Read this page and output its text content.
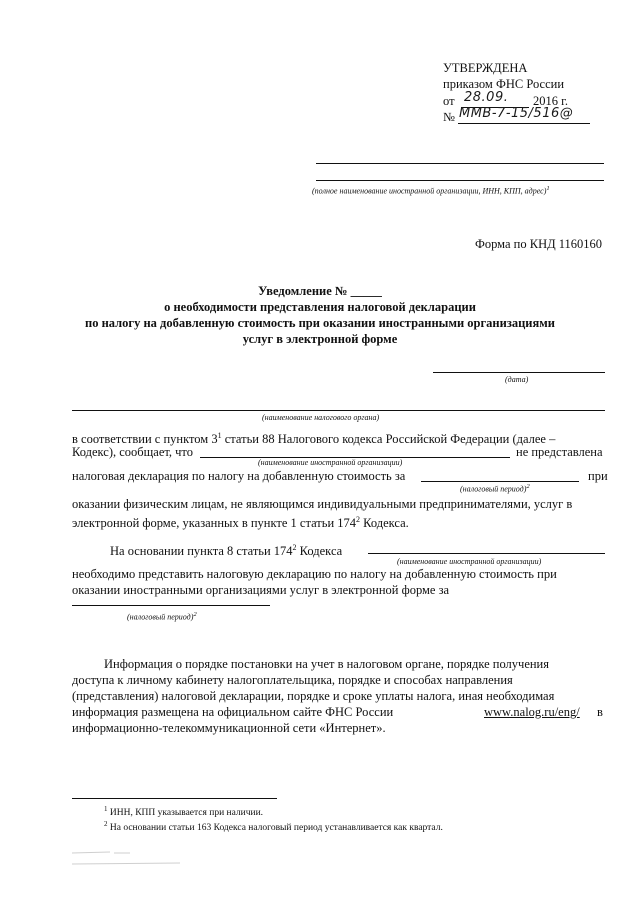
УТВЕРЖДЕНА
приказом ФНС России
от 28.09. 2016 г.
№ ММВ-7-15/516@
(полное наименование иностранной организации, ИНН, КПП, адрес)$^1$
Форма по КНД 1160160
Уведомление № _____
о необходимости представления налоговой декларации
по налогу на добавленную стоимость при оказании иностранными организациями
услуг в электронной форме
(дата)
(наименование налогового органа)
в соответствии с пунктом $3^1$ статьи 88 Налогового кодекса Российской Федерации (далее –
Кодекс), сообщает, что	не представлена
(наименование иностранной организации)
налоговая декларация по налогу на добавленную стоимость за	при
(налоговый период)$^2$
оказании физическим лицам, не являющимся индивидуальными предпринимателями, услуг в
электронной форме, указанных в пункте 1 статьи $174^2$ Кодекса.
На основании пункта 8 статьи $174^2$ Кодекса
(наименование иностранной организации)
необходимо представить налоговую декларацию по налогу на добавленную стоимость при
оказании иностранными организациями услуг в электронной форме за
(налоговый период)$^2$
Информация о порядке постановки на учет в налоговом органе, порядке получения
доступа к личному кабинету налогоплательщика, порядке и способах направления
(представления) налоговой декларации, порядке и сроке уплаты налога, иная необходимая
информация размещена на официальном сайте ФНС России	www.nalog.ru/eng/ в
информационно-телекоммуникационной сети «Интернет».
$^1$ ИНН, КПП указывается при наличии.
$^2$ На основании статьи 163 Кодекса налоговый период устанавливается как квартал.
